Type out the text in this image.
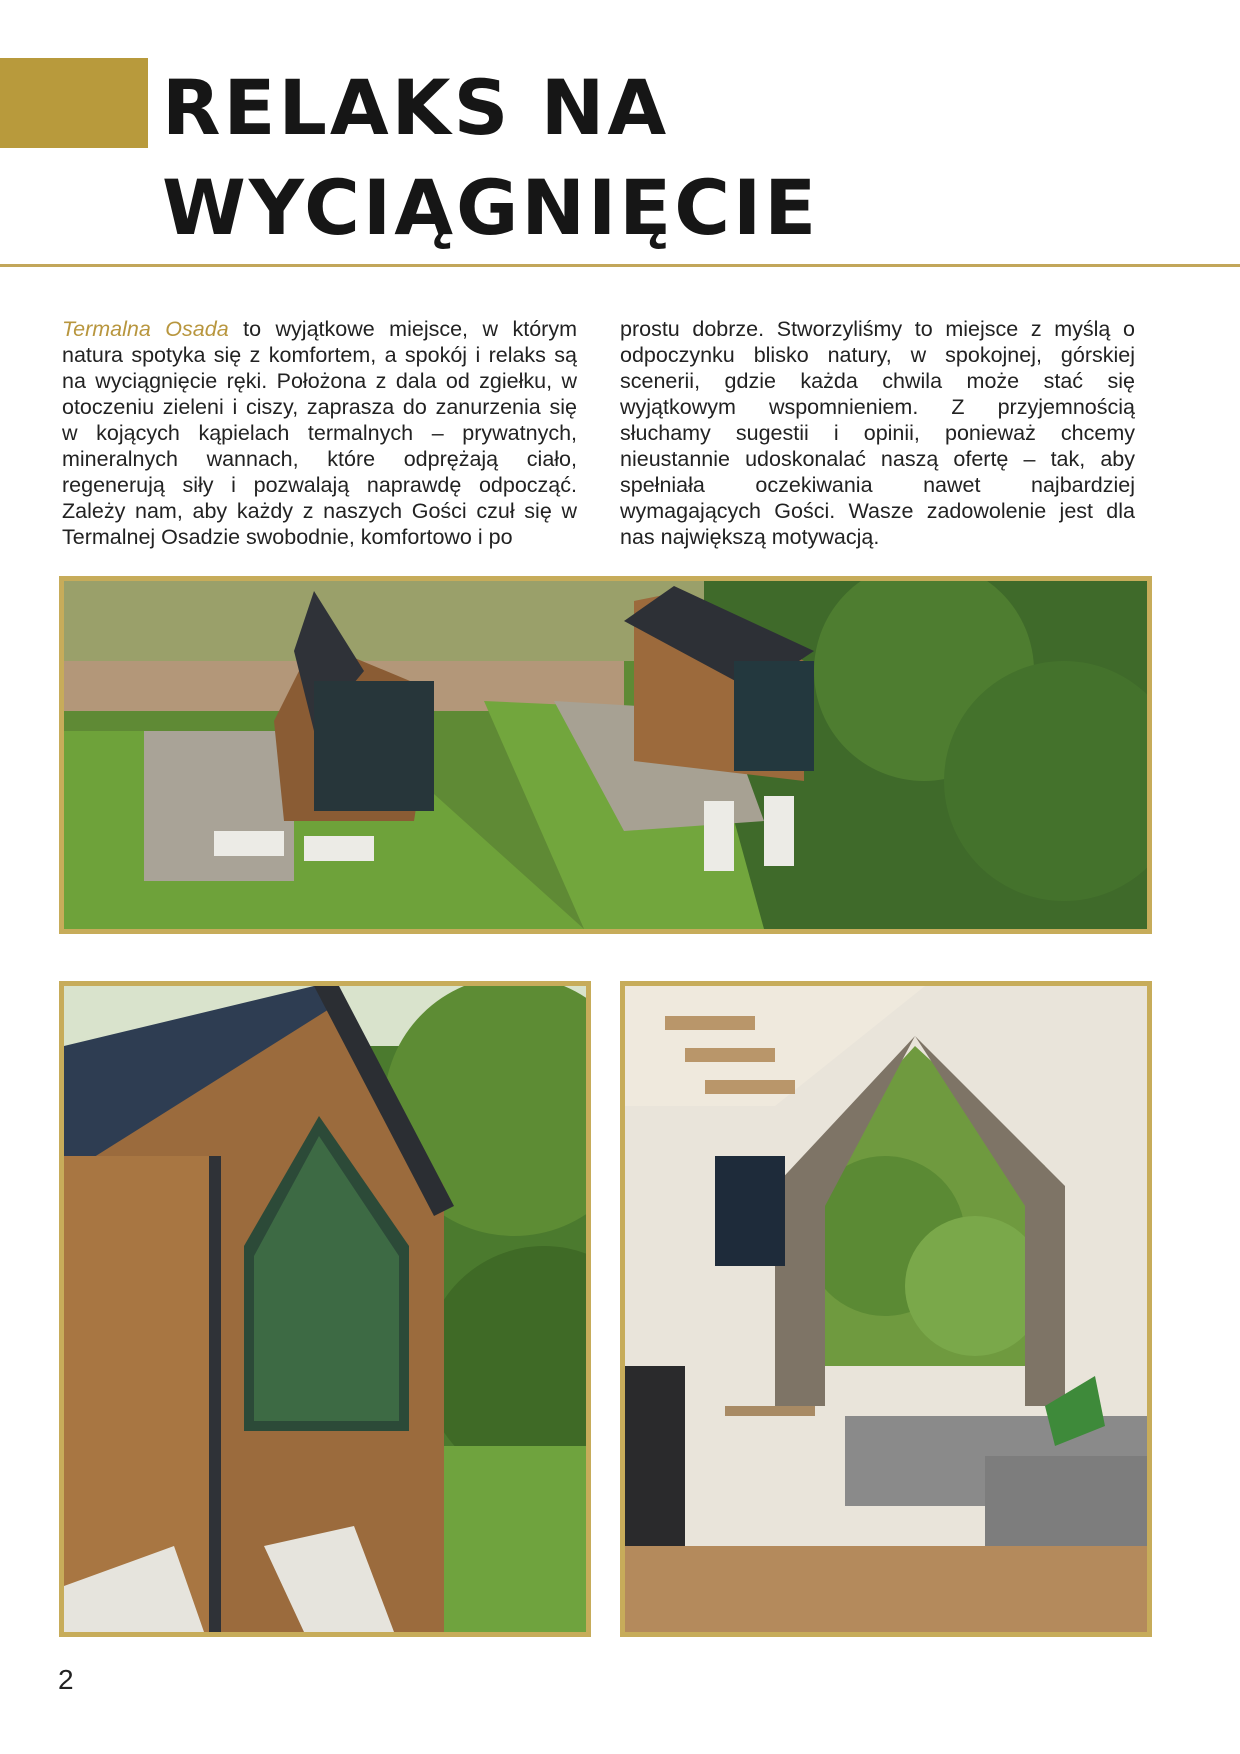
RELAKS NA
WYCIĄGNIĘCIE
Termalna Osada to wyjątkowe miejsce, w którym natura spotyka się z komfortem, a spokój i relaks są na wyciągnięcie ręki. Położona z dala od zgiełku, w otoczeniu zieleni i ciszy, zaprasza do zanurzenia się w kojących kąpielach termalnych – prywatnych, mineralnych wannach, które odprężają ciało, regenerują siły i pozwalają naprawdę odpocząć. Zależy nam, aby każdy z naszych Gości czuł się w Termalnej Osadzie swobodnie, komfortowo i po
prostu dobrze. Stworzyliśmy to miejsce z myślą o odpoczynku blisko natury, w spokojnej, górskiej scenerii, gdzie każda chwila może stać się wyjątkowym wspomnieniem. Z przyjemnością słuchamy sugestii i opinii, ponieważ chcemy nieustannie udoskonalać naszą ofertę – tak, aby spełniała oczekiwania nawet najbardziej wymagających Gości. Wasze zadowolenie jest dla nas największą motywacją.
2
